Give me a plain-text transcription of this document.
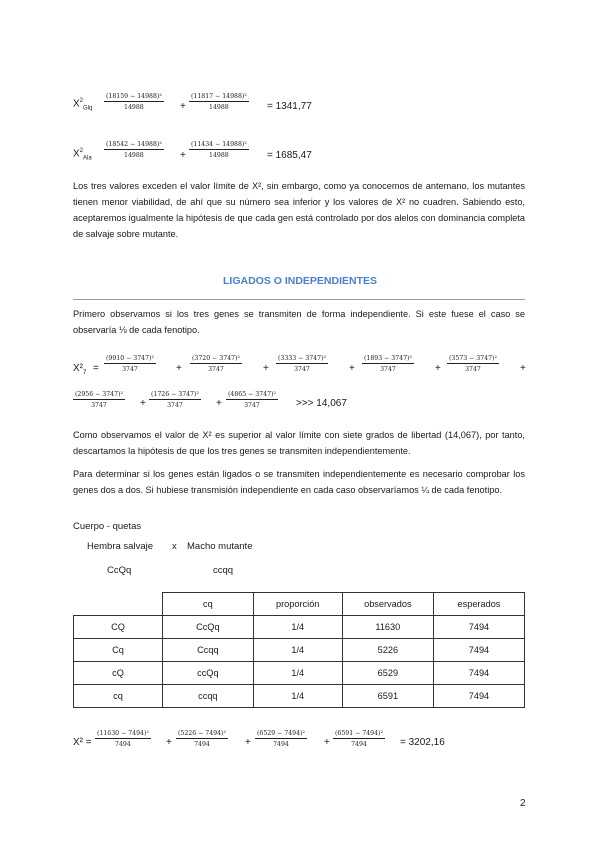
$X^2_{Glq}$
(18159 − 14988)²
14988	+
(11817 − 14988)²
14988	= 1341,77
$X^2_{Ala}$
(18542 − 14988)²
14988	+
(11434 − 14988)²
14988	= 1685,47
Los tres valores exceden el valor límite de X², sin embargo, como ya conocemos de antemano, los mutantes tienen menor viabilidad, de ahí que su número sea inferior y los valores de X² no cuadren. Sabiendo esto, aceptaremos igualmente la hipótesis de que cada gen está controlado por dos alelos con dominancia completa de salvaje sobre mutante.
LIGADOS O INDEPENDIENTES
Primero observamos si los tres genes se transmiten de forma independiente. Si este fuese el caso se observaría ⅛ de cada fenotipo.
$X^2_7$ =
(9910 − 3747)²
3747	+
(3720 − 3747)²
3747	+
(3333 − 3747)²
3747	+
(1893 − 3747)²
3747	+
(3573 − 3747)²
3747	+
(2956 − 3747)²
3747	+
(1726 − 3747)²
3747	+
(4865 − 3747)²
3747	>>> 14,067
Como observamos el valor de X² es superior al valor límite con siete grados de libertad (14,067), por tanto, descartamos la hipótesis de que los tres genes se transmiten independientemente.
Para determinar si los genes están ligados o se transmiten independientemente es necesario comprobar los genes dos a dos. Si hubiese transmisión independiente en cada caso observaríamos ¼ de cada fenotipo.
Cuerpo - quetas
Hembra salvaje x Macho mutante
CcQq	ccqq
	cq	proporción	observados	esperados
CQ	CcQq	1/4	11630	7494
Cq	Ccqq	1/4	5226	7494
cQ	ccQq	1/4	6529	7494
cq	ccqq	1/4	6591	7494
X² =
(11630 − 7494)²
7494	+
(5226 − 7494)²
7494	+
(6529 − 7494)²
7494	+
(6591 − 7494)²
7494	= 3202,16
2
